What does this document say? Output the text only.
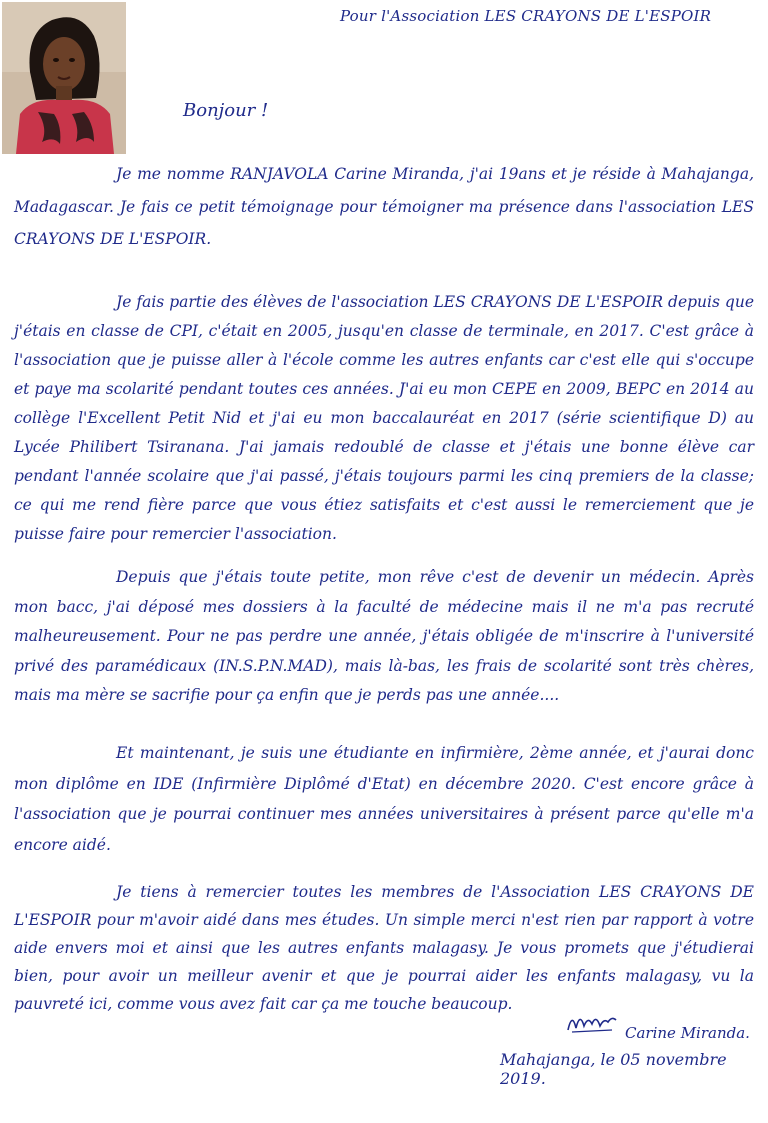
Pour l'Association LES CRAYONS DE L'ESPOIR
Bonjour !

Je me nomme RANJAVOLA Carine Miranda, j'ai 19ans et je réside à Mahajanga, Madagascar. Je fais ce petit témoignage pour témoigner ma présence dans l'association LES CRAYONS DE L'ESPOIR.

Je fais partie des élèves de l'association LES CRAYONS DE L'ESPOIR depuis que j'étais en classe de CPI, c'était en 2005, jusqu'en classe de terminale, en 2017. C'est grâce à l'association que je puisse aller à l'école comme les autres enfants car c'est elle qui s'occupe et paye ma scolarité pendant toutes ces années. J'ai eu mon CEPE en 2009, BEPC en 2014 au collège l'Excellent Petit Nid et j'ai eu mon baccalauréat en 2017 (série scientifique D) au Lycée Philibert Tsiranana. J'ai jamais redoublé de classe et j'étais une bonne élève car pendant l'année scolaire que j'ai passé, j'étais toujours parmi les cinq premiers de la classe; ce qui me rend fière parce que vous étiez satisfaits et c'est aussi le remerciement que je puisse faire pour remercier l'association.

Depuis que j'étais toute petite, mon rêve c'est de devenir un médecin. Après mon bacc, j'ai déposé mes dossiers à la faculté de médecine mais il ne m'a pas recruté malheureusement. Pour ne pas perdre une année, j'étais obligée de m'inscrire à l'université privé des paramédicaux (IN.S.P.N.MAD), mais là-bas, les frais de scolarité sont très chères, mais ma mère se sacrifie pour ça enfin que je perds pas une année....

Et maintenant, je suis une étudiante en infirmière, 2ème année, et j'aurai donc mon diplôme en IDE (Infirmière Diplômé d'Etat) en décembre 2020. C'est encore grâce à l'association que je pourrai continuer mes années universitaires à présent parce qu'elle m'a encore aidé.

Je tiens à remercier toutes les membres de l'Association LES CRAYONS DE L'ESPOIR pour m'avoir aidé dans mes études. Un simple merci n'est rien par rapport à votre aide envers moi et ainsi que les autres enfants malagasy. Je vous promets que j'étudierai bien, pour avoir un meilleur avenir et que je pourrai aider les enfants malagasy, vu la pauvreté ici, comme vous avez fait car ça me touche beaucoup.

Carine Miranda.
Mahajanga, le 05 novembre 2019.
